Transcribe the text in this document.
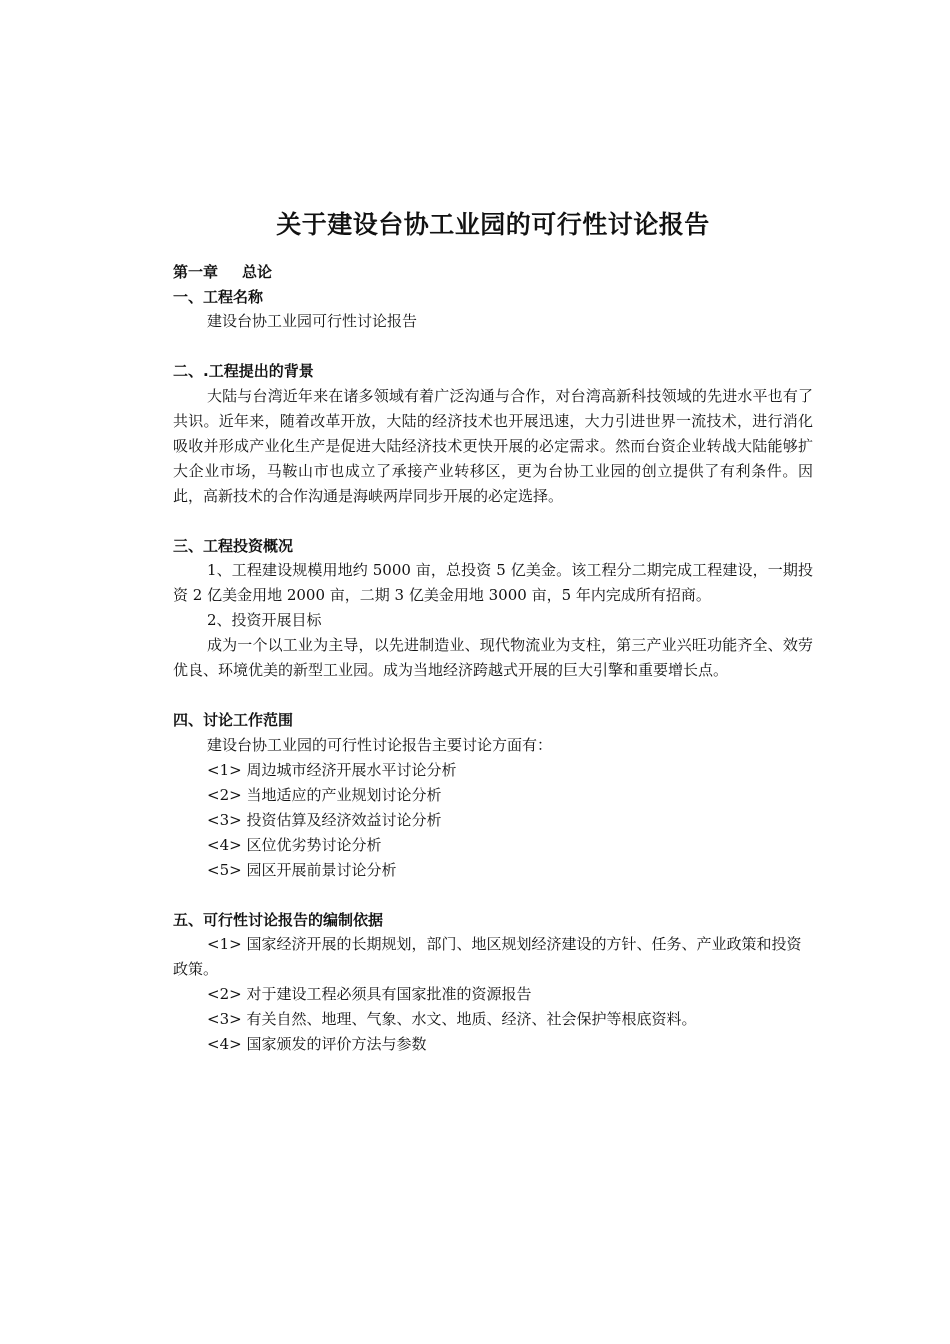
关于建设台协工业园的可行性讨论报告

第一章 总论

一、工程名称

建设台协工业园可行性讨论报告

二、.工程提出的背景

大陆与台湾近年来在诸多领域有着广泛沟通与合作，对台湾高新科技领域的先进水平也有了共识。近年来，随着改革开放，大陆的经济技术也开展迅速，大力引进世界一流技术，进行消化吸收并形成产业化生产是促进大陆经济技术更快开展的必定需求。然而台资企业转战大陆能够扩大企业市场，马鞍山市也成立了承接产业转移区，更为台协工业园的创立提供了有利条件。因此，高新技术的合作沟通是海峡两岸同步开展的必定选择。

三、工程投资概况

1、工程建设规模用地约 5000 亩，总投资 5 亿美金。该工程分二期完成工程建设，一期投资 2 亿美金用地 2000 亩，二期 3 亿美金用地 3000 亩，5 年内完成所有招商。

2、投资开展目标

成为一个以工业为主导，以先进制造业、现代物流业为支柱，第三产业兴旺功能齐全、效劳优良、环境优美的新型工业园。成为当地经济跨越式开展的巨大引擎和重要增长点。

四、讨论工作范围

建设台协工业园的可行性讨论报告主要讨论方面有：

<1> 周边城市经济开展水平讨论分析

<2> 当地适应的产业规划讨论分析

<3> 投资估算及经济效益讨论分析

<4> 区位优劣势讨论分析

<5> 园区开展前景讨论分析

五、可行性讨论报告的编制依据

<1> 国家经济开展的长期规划，部门、地区规划经济建设的方针、任务、产业政策和投资政策。

<2> 对于建设工程必须具有国家批准的资源报告

<3> 有关自然、地理、气象、水文、地质、经济、社会保护等根底资料。

<4> 国家颁发的评价方法与参数
